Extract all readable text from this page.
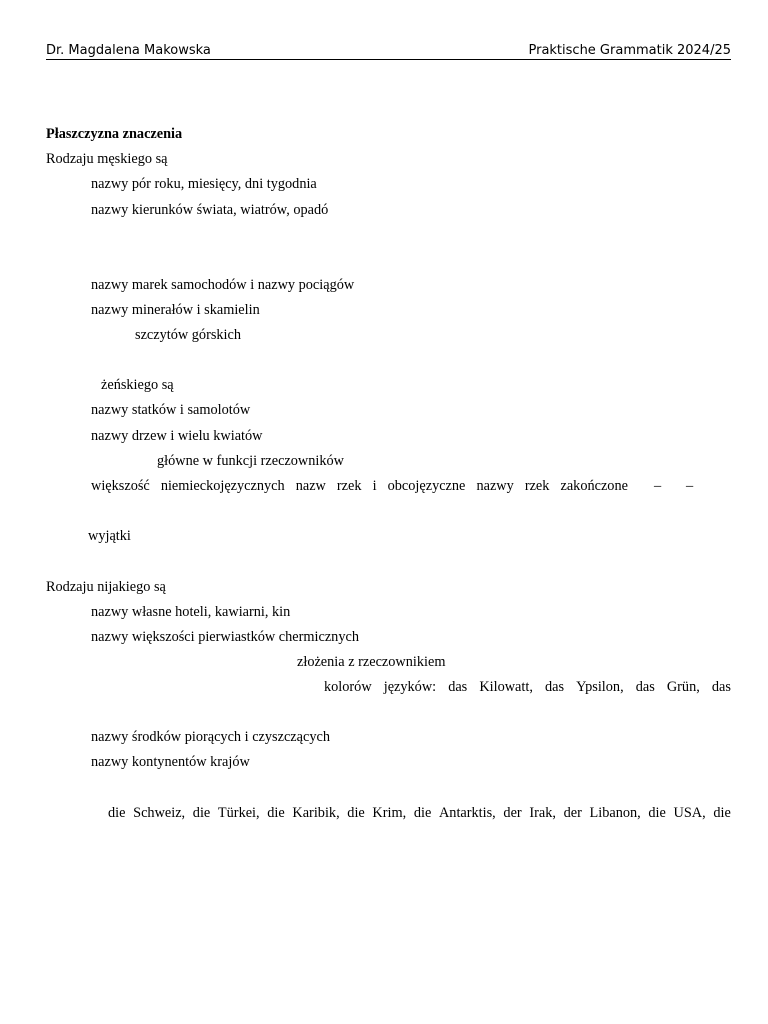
Dr. Magdalena Makowska	Praktische Grammatik 2024/25
Płaszczyzna znaczenia
Rodzaju męskiego są
nazwy pór roku, miesięcy, dni tygodnia
nazwy kierunków świata, wiatrów, opadó
nazwy marek samochodów i nazwy pociągów
nazwy minerałów i skamielin
szczytów górskich
żeńskiego są
nazwy statków i samolotów
nazwy drzew i wielu kwiatów
główne w funkcji rzeczowników
większość niemieckojęzycznych nazw rzek i obcojęzyczne nazwy rzek zakończone – –
wyjątki
Rodzaju nijakiego są
nazwy własne hoteli, kawiarni, kin
nazwy większości pierwiastków chermicznych
złożenia z rzeczownikiem
kolorów języków: das Kilowatt, das Ypsilon, das Grün, das
nazwy środków piorących i czyszczących
nazwy kontynentów krajów
die Schweiz, die Türkei, die Karibik, die Krim, die Antarktis, der Irak, der Libanon, die USA, die
